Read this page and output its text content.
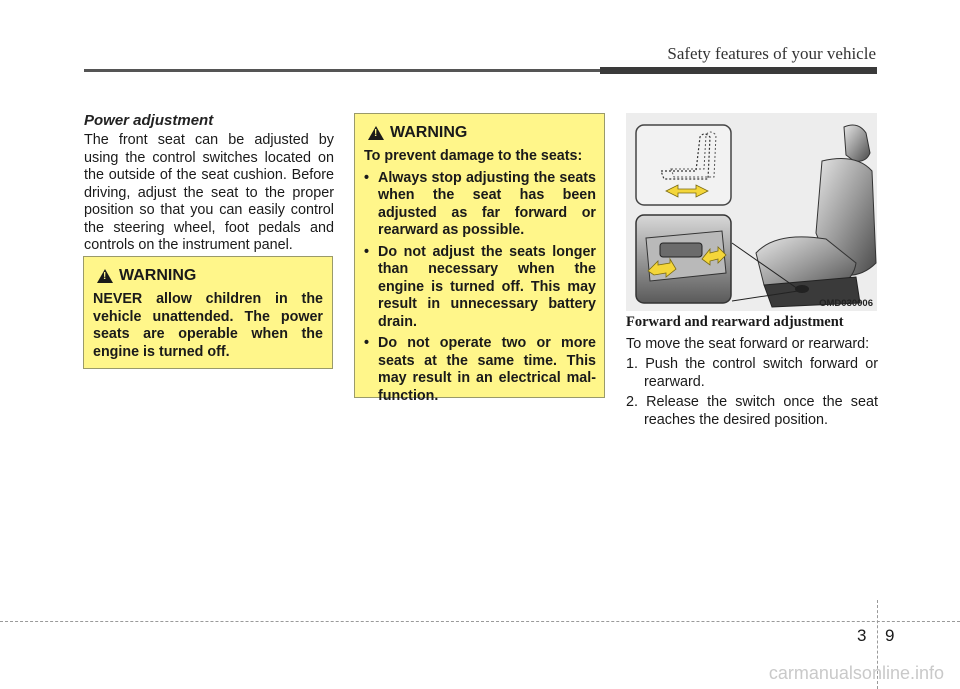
Safety features of your vehicle
Power adjustment
The front seat can be adjusted by using the control switches located on the outside of the seat cushion. Before driving, adjust the seat to the proper position so that you can easily control the steering wheel, foot pedals and controls on the instrument panel.
!
WARNING
NEVER allow children in the vehicle unattended. The power seats are operable when the engine is turned off.
!
WARNING
To prevent damage to the seats:
• Always stop adjusting the seats when the seat has been adjusted as far forward or rearward as possible.
• Do not adjust the seats longer than necessary when the engine is turned off. This may result in unnecessary battery drain.
• Do not operate two or more seats at the same time. This may result in an electrical mal-function.
OMD030006
Forward and rearward adjustment
To move the seat forward or rearward:
1. Push the control switch forward or rearward.
2. Release the switch once the seat reaches the desired position.
3 9
carmanualsonline.info
